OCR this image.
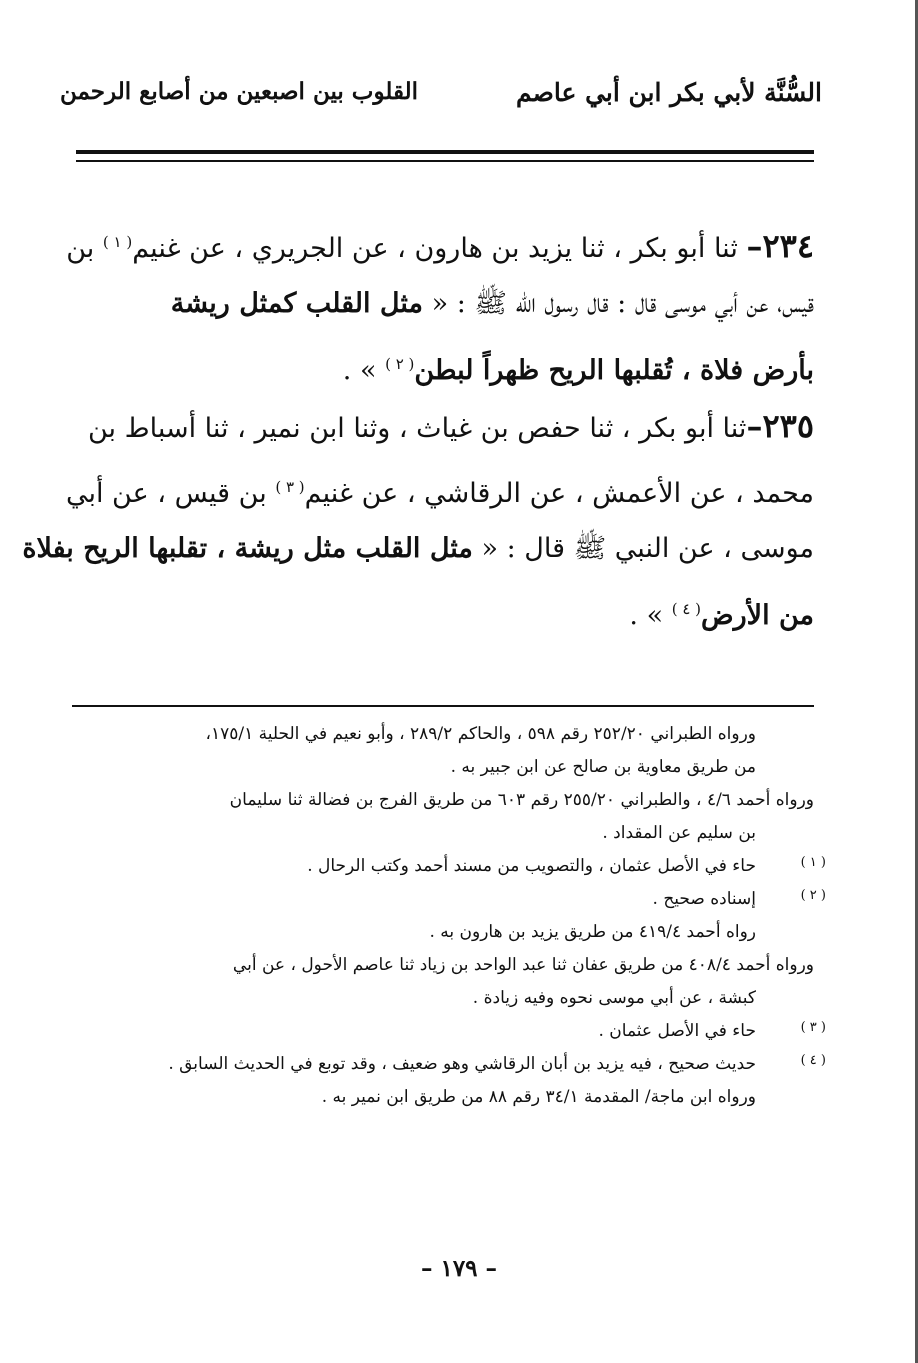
السُّنَّة لأبي بكر ابن أبي عاصم
القلوب بين اصبعين من أصابع الرحمن
٢٣٤– ثنا أبو بكر ، ثنا يزيد بن هارون ، عن الجريري ، عن غنيم$^{( ١ )}$ بن
قيس، عن أبي موسى قال : قال رسول الله ﷺ : « مثل القلب كمثل ريشة
بأرض فلاة ، تُقلبها الريح ظهراً لبطن$^{( ٢ )}$ » .
٢٣٥–ثنا أبو بكر ، ثنا حفص بن غياث ، وثنا ابن نمير ، ثنا أسباط بن
محمد ، عن الأعمش ، عن الرقاشي ، عن غنيم$^{( ٣ )}$ بن قيس ، عن أبي
موسى ، عن النبي ﷺ قال : « مثل القلب مثل ريشة ، تقلبها الريح بفلاة
من الأرض$^{( ٤ )}$ » .
ورواه الطبراني ٢٥٢/٢٠ رقم ٥٩٨ ، والحاكم ٢٨٩/٢ ، وأبو نعيم في الحلية ١٧٥/١،
من طريق معاوية بن صالح عن ابن جبير به .
ورواه أحمد ٤/٦ ، والطبراني ٢٥٥/٢٠ رقم ٦٠٣ من طريق الفرج بن فضالة ثنا سليمان
بن سليم عن المقداد .
( ١ )
حاء في الأصل عثمان ، والتصويب من مسند أحمد وكتب الرحال .
( ٢ )
إسناده صحيح .
رواه أحمد ٤١٩/٤ من طريق يزيد بن هارون به .
ورواه أحمد ٤٠٨/٤ من طريق عفان ثنا عبد الواحد بن زياد ثنا عاصم الأحول ، عن أبي
كبشة ، عن أبي موسى نحوه وفيه زيادة .
( ٣ )
حاء في الأصل عثمان .
( ٤ )
حديث صحيح ، فيه يزيد بن أبان الرقاشي وهو ضعيف ، وقد توبع في الحديث السابق .
ورواه ابن ماجة/ المقدمة ٣٤/١ رقم ٨٨ من طريق ابن نمير به .
– ١٧٩ –
